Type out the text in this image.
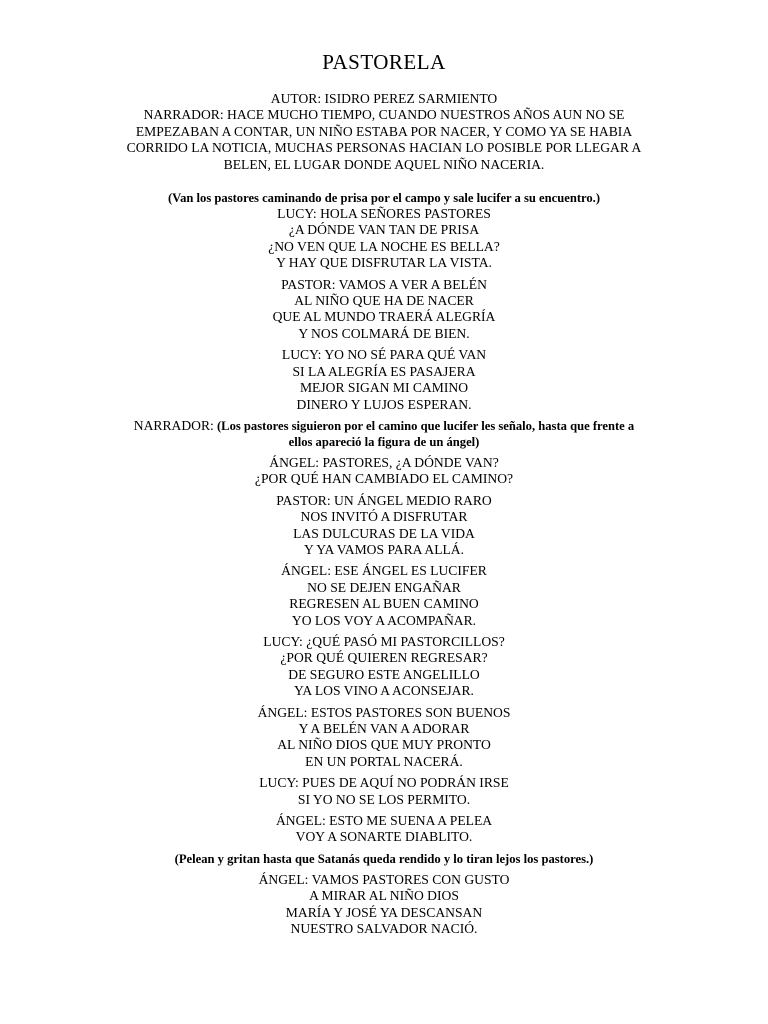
PASTORELA

AUTOR: ISIDRO PEREZ SARMIENTO

NARRADOR: HACE MUCHO TIEMPO, CUANDO NUESTROS AÑOS AUN NO SE

EMPEZABAN A CONTAR, UN NIÑO ESTABA POR NACER, Y COMO YA SE HABIA

CORRIDO LA NOTICIA, MUCHAS PERSONAS HACIAN LO POSIBLE POR LLEGAR A

BELEN, EL LUGAR DONDE AQUEL NIÑO NACERIA.

(Van los pastores caminando de prisa por el campo y sale lucifer a su encuentro.)

LUCY: HOLA SEÑORES PASTORES

¿A DÓNDE VAN TAN DE PRISA

¿NO VEN QUE LA NOCHE ES BELLA?

Y HAY QUE DISFRUTAR LA VISTA.

PASTOR: VAMOS A VER A BELÉN

AL NIÑO QUE HA DE NACER

QUE AL MUNDO TRAERÁ ALEGRÍA

Y NOS COLMARÁ DE BIEN.

LUCY: YO NO SÉ PARA QUÉ VAN

SI LA ALEGRÍA ES PASAJERA

MEJOR SIGAN MI CAMINO

DINERO Y LUJOS ESPERAN.

NARRADOR: (Los pastores siguieron por el camino que lucifer les señalo, hasta que frente a

ellos apareció la figura de un ángel)

ÁNGEL: PASTORES, ¿A DÓNDE VAN?

¿POR QUÉ HAN CAMBIADO EL CAMINO?

PASTOR: UN ÁNGEL MEDIO RARO

NOS INVITÓ A DISFRUTAR

LAS DULCURAS DE LA VIDA

Y YA VAMOS PARA ALLÁ.

ÁNGEL: ESE ÁNGEL ES LUCIFER

NO SE DEJEN ENGAÑAR

REGRESEN AL BUEN CAMINO

YO LOS VOY A ACOMPAÑAR.

LUCY: ¿QUÉ PASÓ MI PASTORCILLOS?

¿POR QUÉ QUIEREN REGRESAR?

DE SEGURO ESTE ANGELILLO

YA LOS VINO A ACONSEJAR.

ÁNGEL: ESTOS PASTORES SON BUENOS

Y A BELÉN VAN A ADORAR

AL NIÑO DIOS QUE MUY PRONTO

EN UN PORTAL NACERÁ.

LUCY: PUES DE AQUÍ NO PODRÁN IRSE

SI YO NO SE LOS PERMITO.

ÁNGEL: ESTO ME SUENA A PELEA

VOY A SONARTE DIABLITO.

(Pelean y gritan hasta que Satanás queda rendido y lo tiran lejos los pastores.)

ÁNGEL: VAMOS PASTORES CON GUSTO

A MIRAR AL NIÑO DIOS

MARÍA Y JOSÉ YA DESCANSAN

NUESTRO SALVADOR NACIÓ.
